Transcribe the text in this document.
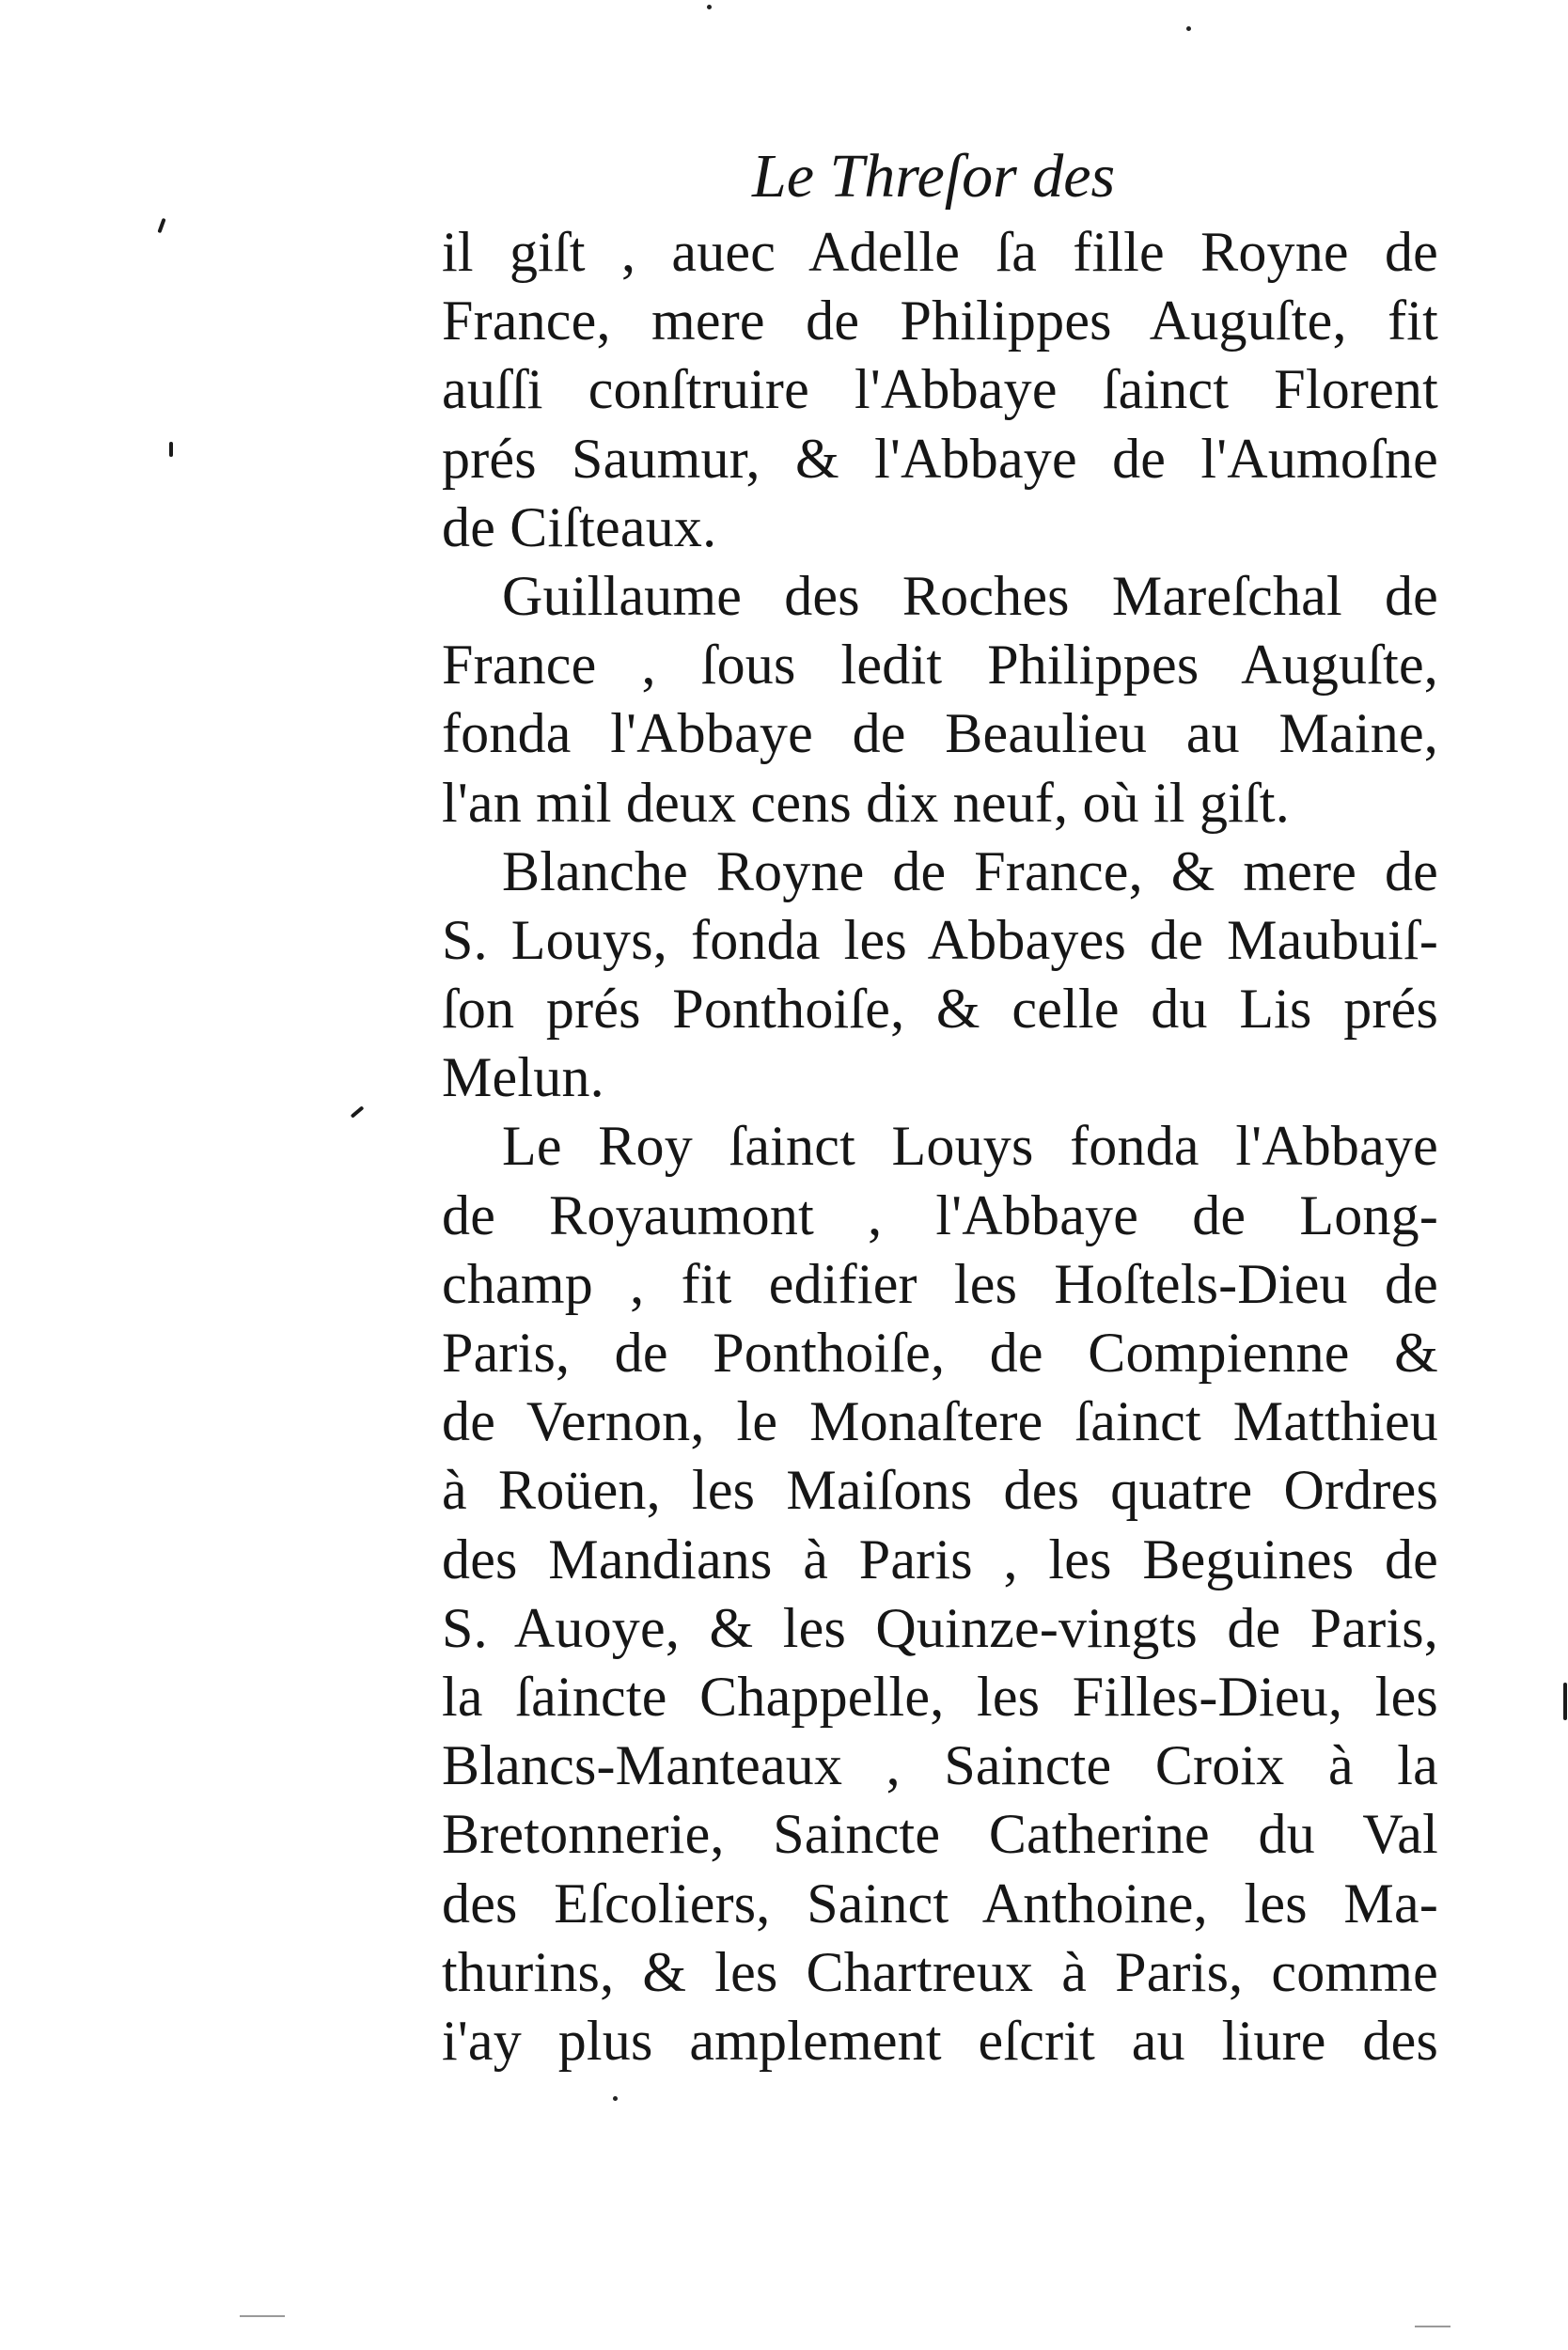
Le Threſor des
il giſt , auec Adelle ſa fille Royne de
France, mere de Philippes Auguſte, fit
auſſi conſtruire l'Abbaye ſainct Florent
prés Saumur, & l'Abbaye de l'Aumoſne
de Ciſteaux.
Guillaume des Roches Mareſchal de
France , ſous ledit Philippes Auguſte,
fonda l'Abbaye de Beaulieu au Maine,
l'an mil deux cens dix neuf, où il giſt.
Blanche Royne de France, & mere de
S. Louys, fonda les Abbayes de Maubuiſ-
ſon prés Ponthoiſe, & celle du Lis prés
Melun.
Le Roy ſainct Louys fonda l'Abbaye
de Royaumont , l'Abbaye de Long-
champ , fit edifier les Hoſtels-Dieu de
Paris, de Ponthoiſe, de Compienne &
de Vernon, le Monaſtere ſainct Matthieu
à Roüen, les Maiſons des quatre Ordres
des Mandians à Paris , les Beguines de
S. Auoye, & les Quinze-vingts de Paris,
la ſaincte Chappelle, les Filles-Dieu, les
Blancs-Manteaux , Saincte Croix à la
Bretonnerie, Saincte Catherine du Val
des Eſcoliers, Sainct Anthoine, les Ma-
thurins, & les Chartreux à Paris, comme
i'ay plus amplement eſcrit au liure des
